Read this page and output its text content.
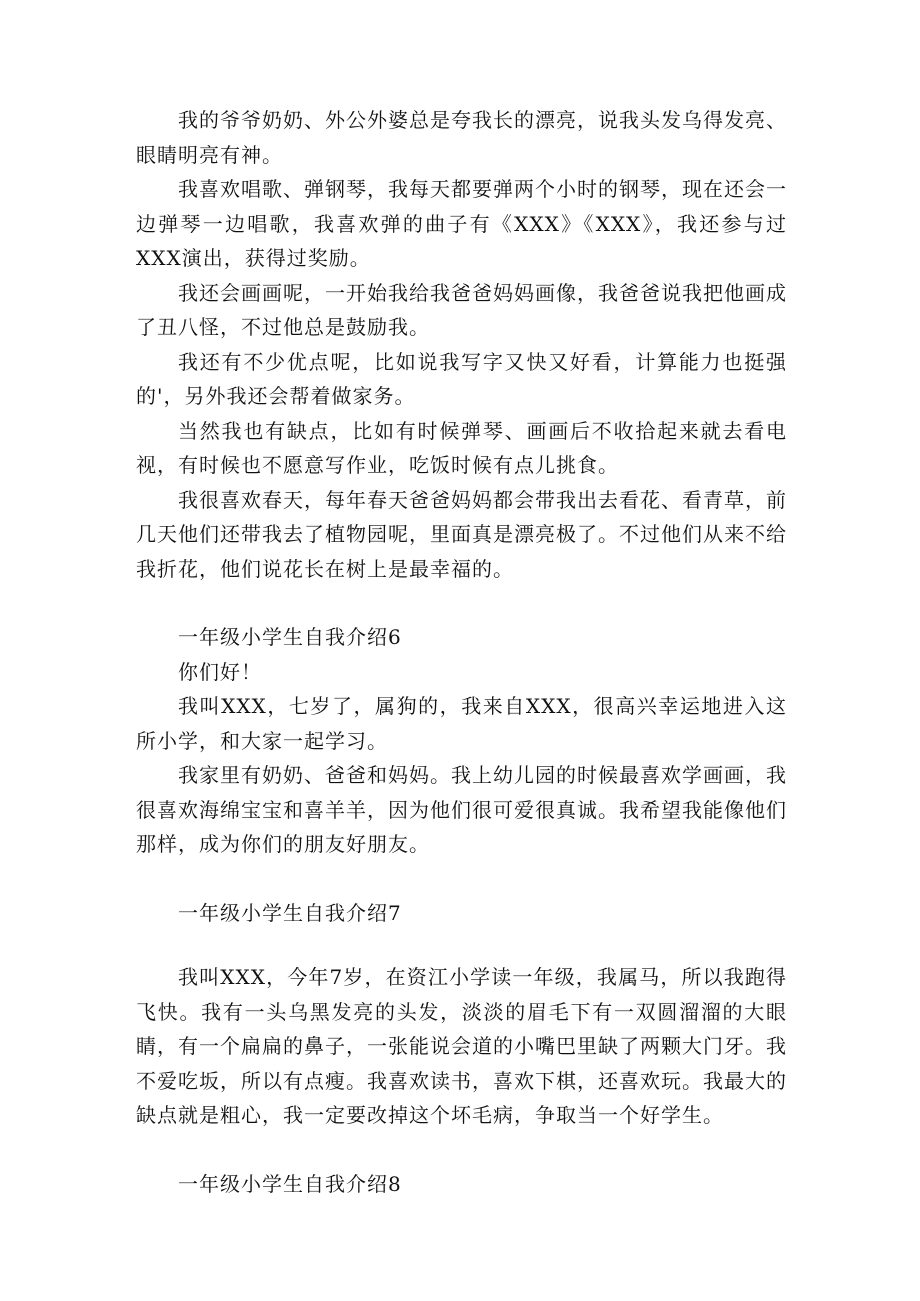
我的爷爷奶奶、外公外婆总是夸我长的漂亮，说我头发乌得发亮、眼睛明亮有神。

我喜欢唱歌、弹钢琴，我每天都要弹两个小时的钢琴，现在还会一边弹琴一边唱歌，我喜欢弹的曲子有《XXX》《XXX》，我还参与过XXX演出，获得过奖励。

我还会画画呢，一开始我给我爸爸妈妈画像，我爸爸说我把他画成了丑八怪，不过他总是鼓励我。

我还有不少优点呢，比如说我写字又快又好看，计算能力也挺强的'，另外我还会帮着做家务。

当然我也有缺点，比如有时候弹琴、画画后不收拾起来就去看电视，有时候也不愿意写作业，吃饭时候有点儿挑食。

我很喜欢春天，每年春天爸爸妈妈都会带我出去看花、看青草，前几天他们还带我去了植物园呢，里面真是漂亮极了。不过他们从来不给我折花，他们说花长在树上是最幸福的。

一年级小学生自我介绍6

你们好！

我叫XXX，七岁了，属狗的，我来自XXX，很高兴幸运地进入这所小学，和大家一起学习。

我家里有奶奶、爸爸和妈妈。我上幼儿园的时候最喜欢学画画，我很喜欢海绵宝宝和喜羊羊，因为他们很可爱很真诚。我希望我能像他们那样，成为你们的朋友好朋友。

一年级小学生自我介绍7

我叫XXX，今年7岁，在资江小学读一年级，我属马，所以我跑得飞快。我有一头乌黑发亮的头发，淡淡的眉毛下有一双圆溜溜的大眼睛，有一个扁扁的鼻子，一张能说会道的小嘴巴里缺了两颗大门牙。我不爱吃坂，所以有点瘦。我喜欢读书，喜欢下棋，还喜欢玩。我最大的缺点就是粗心，我一定要改掉这个坏毛病，争取当一个好学生。

一年级小学生自我介绍8
